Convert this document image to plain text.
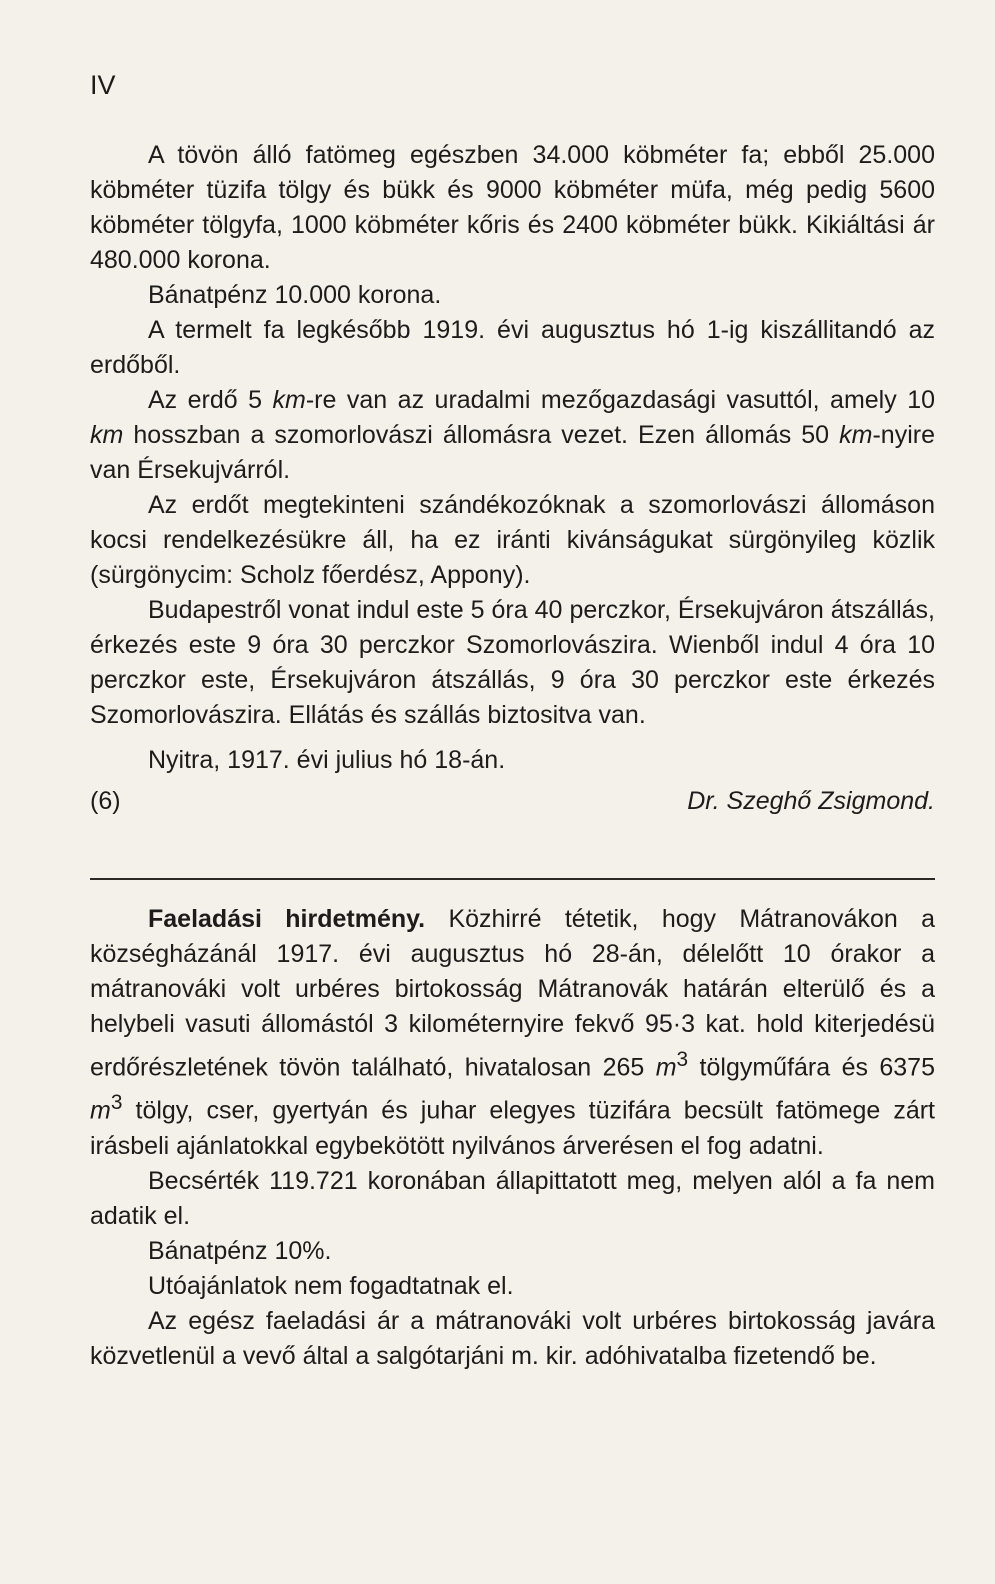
IV

A tövön álló fatömeg egészben 34.000 köbméter fa; ebből 25.000 köbméter tüzifa tölgy és bükk és 9000 köbméter müfa, még pedig 5600 köbméter tölgyfa, 1000 köbméter kőris és 2400 köbméter bükk. Kikiáltási ár 480.000 korona.

Bánatpénz 10.000 korona.

A termelt fa legkésőbb 1919. évi augusztus hó 1-ig kiszállitandó az erdőből.

Az erdő 5 km-re van az uradalmi mezőgazdasági vasuttól, amely 10 km hosszban a szomorlovászi állomásra vezet. Ezen állomás 50 km-nyire van Érsekujvárról.

Az erdőt megtekinteni szándékozóknak a szomorlovászi állomáson kocsi rendelkezésükre áll, ha ez iránti kivánságukat sürgönyileg közlik (sürgönycim: Scholz főerdész, Appony).

Budapestről vonat indul este 5 óra 40 perczkor, Érsekujváron átszállás, érkezés este 9 óra 30 perczkor Szomorlovászira. Wienből indul 4 óra 10 perczkor este, Érsekujváron átszállás, 9 óra 30 perczkor este érkezés Szomorlovászira. Ellátás és szállás biztositva van.

Nyitra, 1917. évi julius hó 18-án.

(6)	Dr. Szeghő Zsigmond.

Faeladási hirdetmény. Közhirré tétetik, hogy Mátranovákon a községházánál 1917. évi augusztus hó 28-án, délelőtt 10 órakor a mátranováki volt urbéres birtokosság Mátranovák határán elterülő és a helybeli vasuti állomástól 3 kilométernyire fekvő 95·3 kat. hold kiterjedésü erdőrészletének tövön található, hivatalosan 265 $m^3$ tölgyműfára és 6375 $m^3$ tölgy, cser, gyertyán és juhar elegyes tüzifára becsült fatömege zárt irásbeli ajánlatokkal egybekötött nyilvános árverésen el fog adatni.

Becsérték 119.721 koronában állapittatott meg, melyen alól a fa nem adatik el.

Bánatpénz 10%.

Utóajánlatok nem fogadtatnak el.

Az egész faeladási ár a mátranováki volt urbéres birtokosság javára közvetlenül a vevő által a salgótarjáni m. kir. adóhivatalba fizetendő be.
